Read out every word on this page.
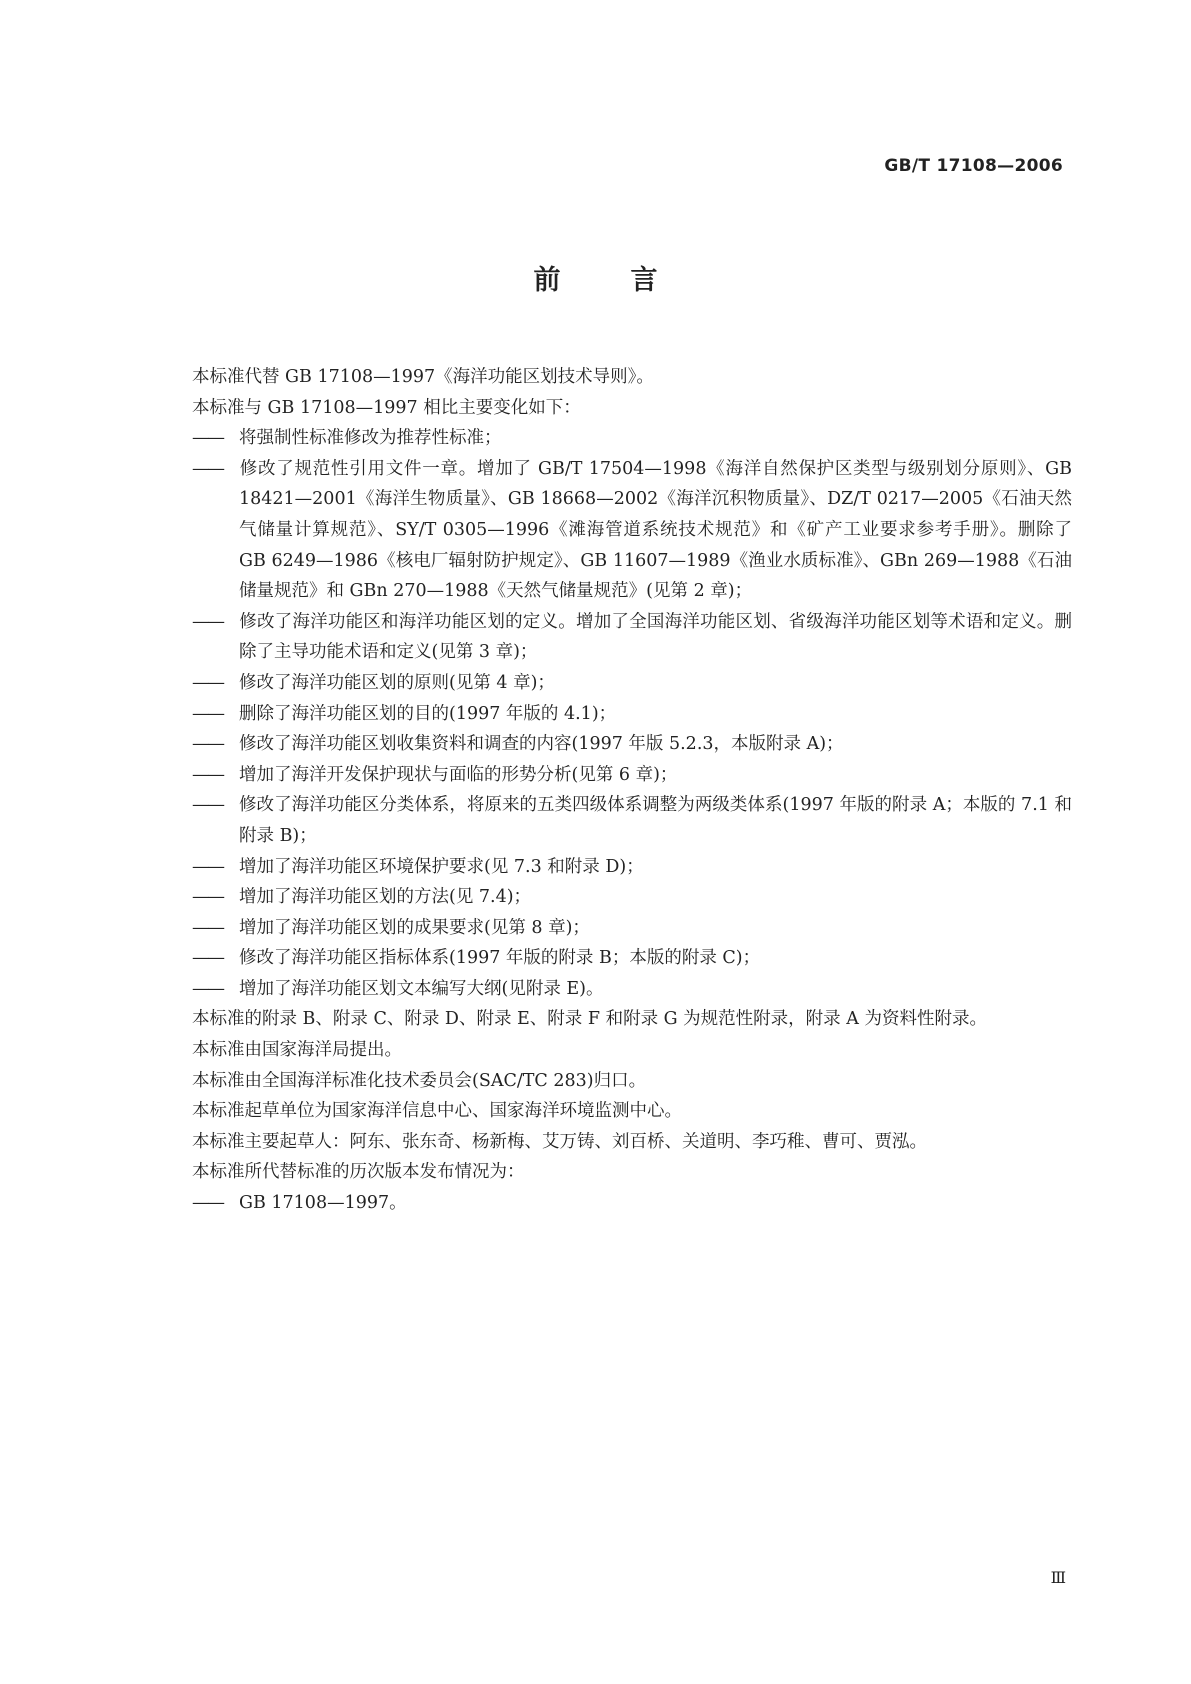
GB/T 17108—2006
前	言

本标准代替 GB 17108—1997《海洋功能区划技术导则》。

本标准与 GB 17108—1997 相比主要变化如下：

—— 将强制性标准修改为推荐性标准；

—— 修改了规范性引用文件一章。增加了 GB/T 17504—1998《海洋自然保护区类型与级别划分原则》、GB 18421—2001《海洋生物质量》、GB 18668—2002《海洋沉积物质量》、DZ/T 0217—2005《石油天然气储量计算规范》、SY/T 0305—1996《滩海管道系统技术规范》和《矿产工业要求参考手册》。删除了 GB 6249—1986《核电厂辐射防护规定》、GB 11607—1989《渔业水质标准》、GBn 269—1988《石油储量规范》和 GBn 270—1988《天然气储量规范》(见第 2 章)；

—— 修改了海洋功能区和海洋功能区划的定义。增加了全国海洋功能区划、省级海洋功能区划等术语和定义。删除了主导功能术语和定义(见第 3 章)；

—— 修改了海洋功能区划的原则(见第 4 章)；

—— 删除了海洋功能区划的目的(1997 年版的 4.1)；

—— 修改了海洋功能区划收集资料和调查的内容(1997 年版 5.2.3，本版附录 A)；

—— 增加了海洋开发保护现状与面临的形势分析(见第 6 章)；

—— 修改了海洋功能区分类体系，将原来的五类四级体系调整为两级类体系(1997 年版的附录 A；本版的 7.1 和附录 B)；

—— 增加了海洋功能区环境保护要求(见 7.3 和附录 D)；

—— 增加了海洋功能区划的方法(见 7.4)；

—— 增加了海洋功能区划的成果要求(见第 8 章)；

—— 修改了海洋功能区指标体系(1997 年版的附录 B；本版的附录 C)；

—— 增加了海洋功能区划文本编写大纲(见附录 E)。

本标准的附录 B、附录 C、附录 D、附录 E、附录 F 和附录 G 为规范性附录，附录 A 为资料性附录。

本标准由国家海洋局提出。

本标准由全国海洋标准化技术委员会(SAC/TC 283)归口。

本标准起草单位为国家海洋信息中心、国家海洋环境监测中心。

本标准主要起草人：阿东、张东奇、杨新梅、艾万铸、刘百桥、关道明、李巧稚、曹可、贾泓。

本标准所代替标准的历次版本发布情况为：

—— GB 17108—1997。

Ⅲ
